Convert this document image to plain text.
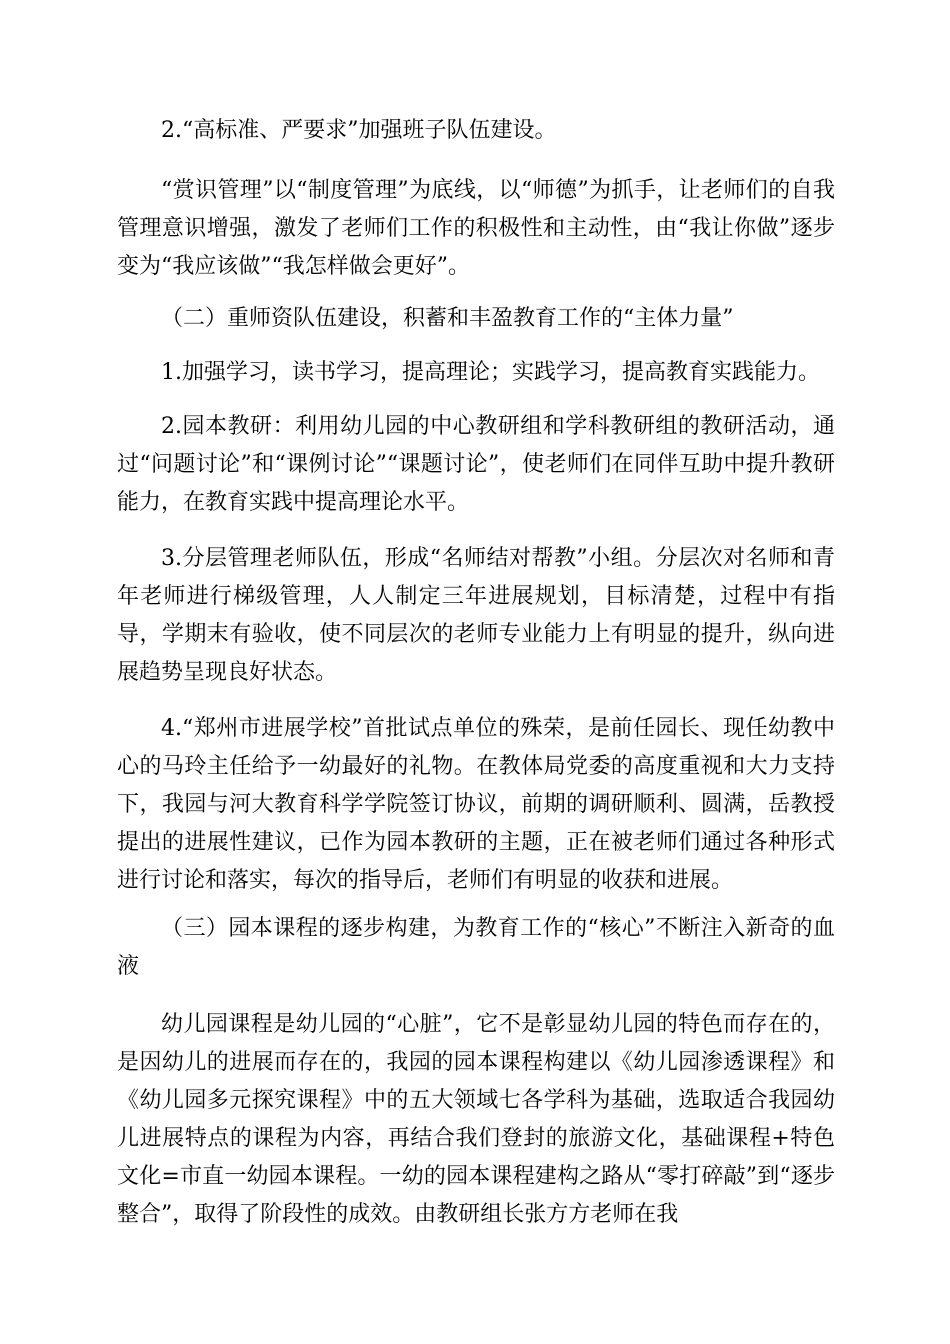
2.“高标准、严要求”加强班子队伍建设。

“赏识管理”以“制度管理”为底线，以“师德”为抓手，让老师们的自我管理意识增强，激发了老师们工作的积极性和主动性，由“我让你做”逐步变为“我应该做”“我怎样做会更好”。

（二）重师资队伍建设，积蓄和丰盈教育工作的“主体力量”

1.加强学习，读书学习，提高理论；实践学习，提高教育实践能力。

2.园本教研：利用幼儿园的中心教研组和学科教研组的教研活动，通过“问题讨论”和“课例讨论”“课题讨论”，使老师们在同伴互助中提升教研能力，在教育实践中提高理论水平。

3.分层管理老师队伍，形成“名师结对帮教”小组。分层次对名师和青年老师进行梯级管理，人人制定三年进展规划，目标清楚，过程中有指导，学期末有验收，使不同层次的老师专业能力上有明显的提升，纵向进展趋势呈现良好状态。

4.“郑州市进展学校”首批试点单位的殊荣，是前任园长、现任幼教中心的马玲主任给予一幼最好的礼物。在教体局党委的高度重视和大力支持下，我园与河大教育科学学院签订协议，前期的调研顺利、圆满，岳教授提出的进展性建议，已作为园本教研的主题，正在被老师们通过各种形式进行讨论和落实，每次的指导后，老师们有明显的收获和进展。

（三）园本课程的逐步构建，为教育工作的“核心”不断注入新奇的血液

幼儿园课程是幼儿园的“心脏”，它不是彰显幼儿园的特色而存在的，是因幼儿的进展而存在的，我园的园本课程构建以《幼儿园渗透课程》和《幼儿园多元探究课程》中的五大领域七各学科为基础，选取适合我园幼儿进展特点的课程为内容，再结合我们登封的旅游文化，基础课程+特色文化=市直一幼园本课程。一幼的园本课程建构之路从“零打碎敲”到“逐步整合”，取得了阶段性的成效。由教研组长张方方老师在我
